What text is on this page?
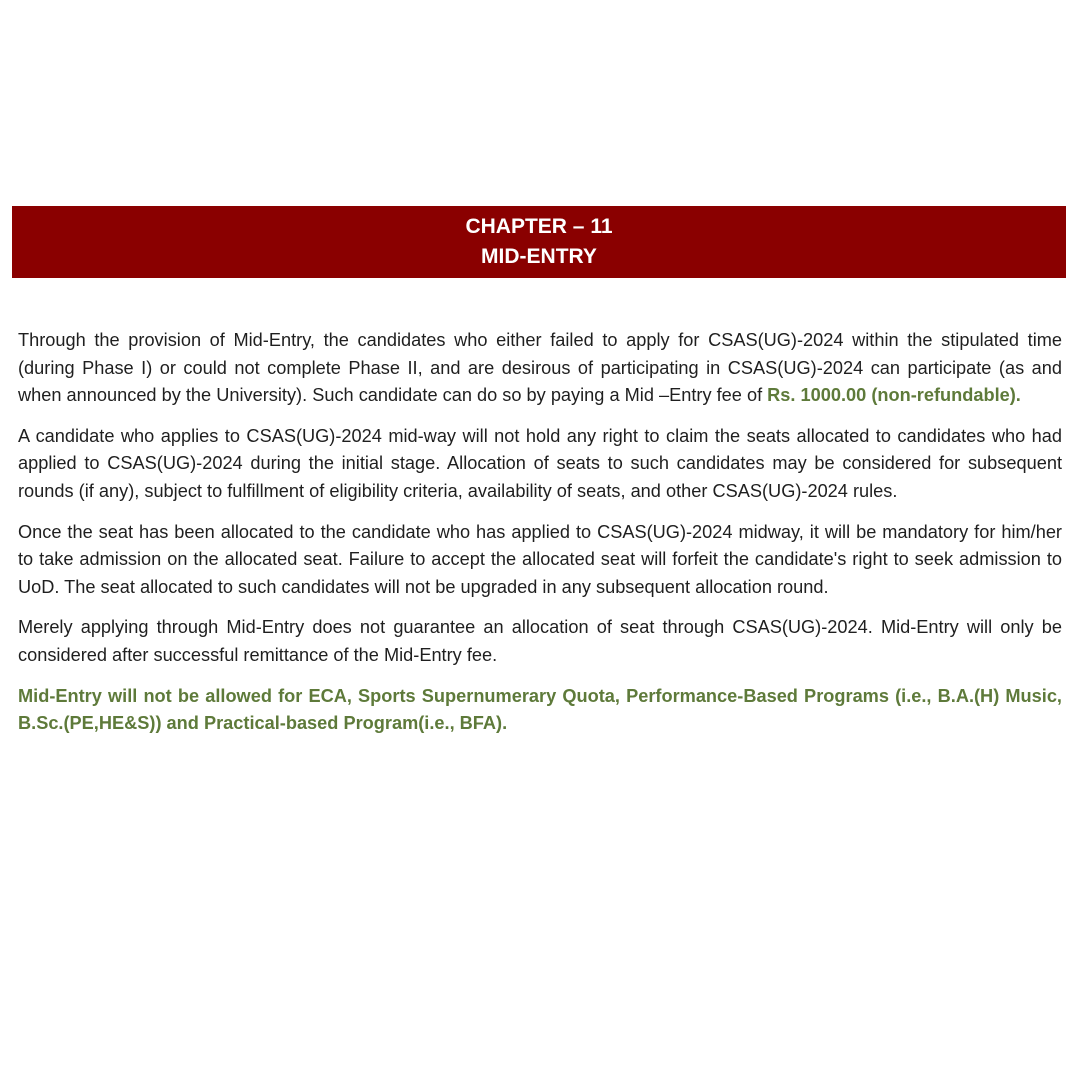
CHAPTER – 11
MID-ENTRY

Through the provision of Mid-Entry, the candidates who either failed to apply for CSAS(UG)-2024 within the stipulated time (during Phase I) or could not complete Phase II, and are desirous of participating in CSAS(UG)-2024 can participate (as and when announced by the University). Such candidate can do so by paying a Mid –Entry fee of Rs. 1000.00 (non-refundable).

A candidate who applies to CSAS(UG)-2024 mid-way will not hold any right to claim the seats allocated to candidates who had applied to CSAS(UG)-2024 during the initial stage. Allocation of seats to such candidates may be considered for subsequent rounds (if any), subject to fulfillment of eligibility criteria, availability of seats, and other CSAS(UG)-2024 rules.

Once the seat has been allocated to the candidate who has applied to CSAS(UG)-2024 midway, it will be mandatory for him/her to take admission on the allocated seat. Failure to accept the allocated seat will forfeit the candidate's right to seek admission to UoD. The seat allocated to such candidates will not be upgraded in any subsequent allocation round.

Merely applying through Mid-Entry does not guarantee an allocation of seat through CSAS(UG)-2024. Mid-Entry will only be considered after successful remittance of the Mid-Entry fee.

Mid-Entry will not be allowed for ECA, Sports Supernumerary Quota, Performance-Based Programs (i.e., B.A.(H) Music, B.Sc.(PE,HE&S)) and Practical-based Program(i.e., BFA).
